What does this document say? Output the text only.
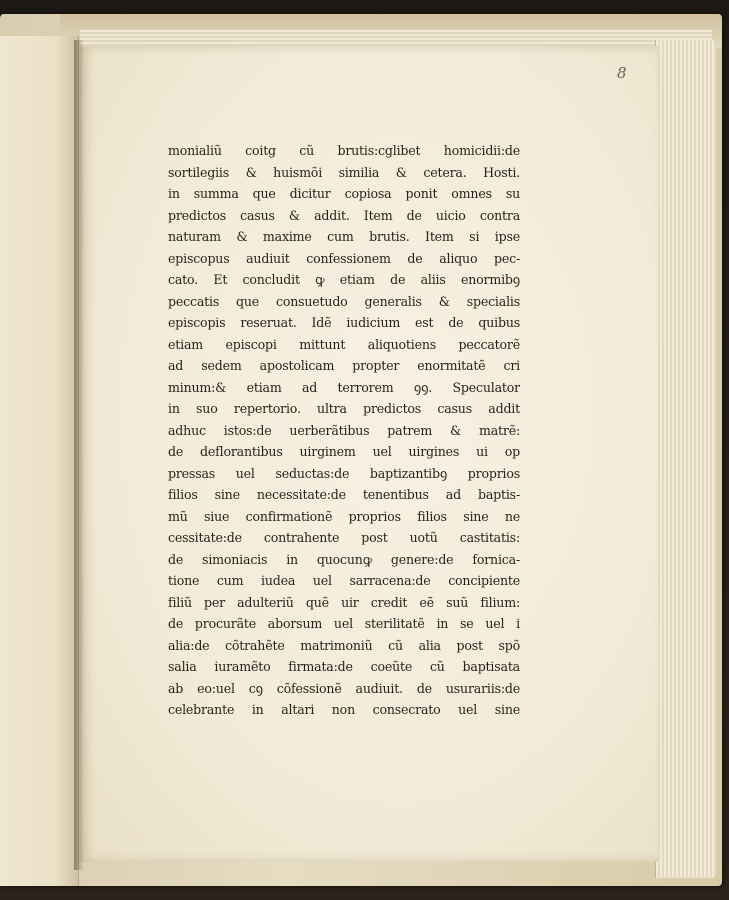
8

monialiũ coitg cũ brutis:cglibet homicidii:de
sortilegiis & huismõi similia & cetera. Hosti.
in summa que dicitur copiosa ponit omnes su
predictos casus & addit. Item de uicio contra
naturam & maxime cum brutis. Item si ipse
episcopus audiuit confessionem de aliquo pec-
cato. Et concludit ꝙ etiam de aliis enormibꝯ
peccatis que consuetudo generalis & specialis
episcopis reseruat. Idẽ iudicium est de quibus
etiam episcopi mittunt aliquotiens peccatorẽ
ad sedem apostolicam propter enormitatẽ cri
minum:& etiam ad terrorem ꝯꝯ. Speculator
in suo repertorio. ultra predictos casus addit
adhuc istos:de uerberãtibus patrem & matrẽ:
de deflorantibus uirginem uel uirgines ui op
pressas uel seductas:de baptizantibꝯ proprios
filios sine necessitate:de tenentibus ad baptis-
mũ siue confirmationẽ proprios filios sine ne
cessitate:de contrahente post uotũ castitatis:
de simoniacis in quocunꝙ genere:de fornica-
tione cum iudea uel sarracena:de concipiente
filiũ per adulteriũ quẽ uir credit eẽ suũ filium:
de procurãte aborsum uel sterilitatẽ in se uel i
alia:de cõtrahẽte matrimoniũ cũ alia post spõ
salia iuramẽto firmata:de coeũte cũ baptisata
ab eo:uel cꝯ cõfessionẽ audiuit. de usurariis:de
celebrante in altari non consecrato uel sine
